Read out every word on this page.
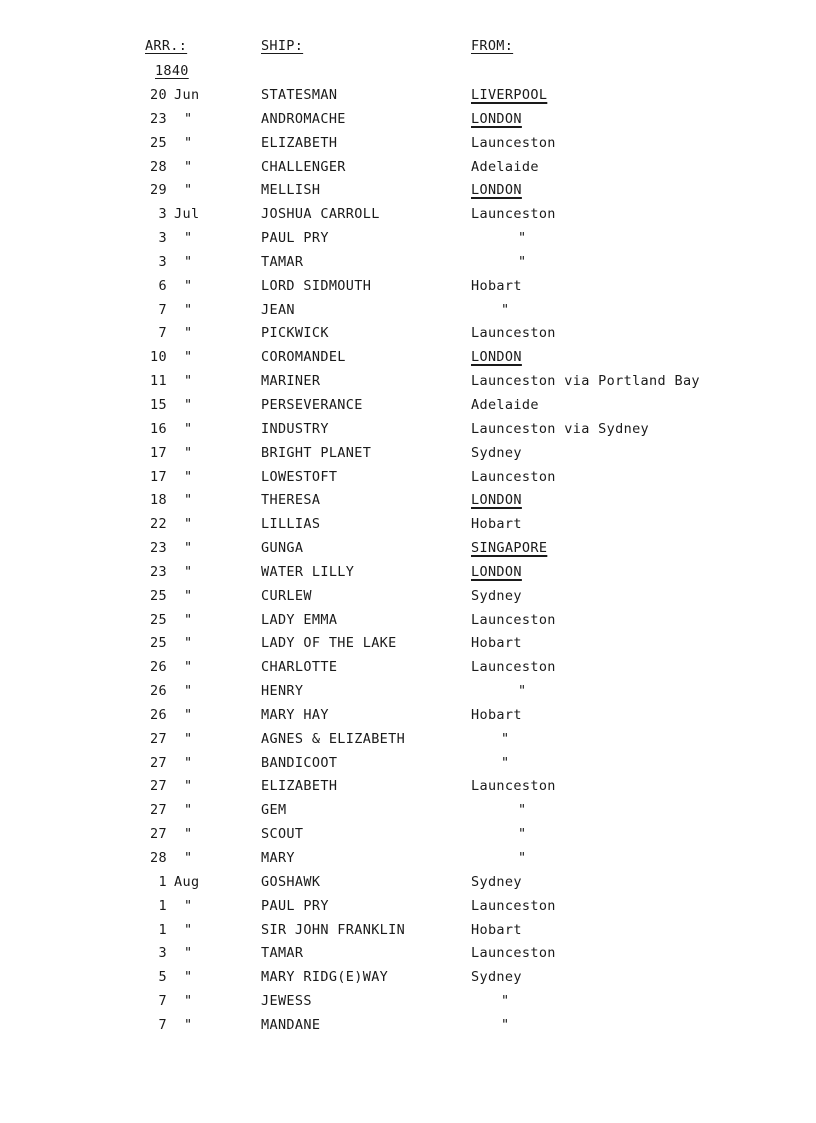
ARR.:	SHIP:	FROM:
1840
20 Jun	STATESMAN	LIVERPOOL
23 "	ANDROMACHE	LONDON
25 "	ELIZABETH	Launceston
28 "	CHALLENGER	Adelaide
29 "	MELLISH	LONDON
3 Jul	JOSHUA CARROLL	Launceston
3 "	PAUL PRY	"
3 "	TAMAR	"
6 "	LORD SIDMOUTH	Hobart
7 "	JEAN	"
7 "	PICKWICK	Launceston
10 "	COROMANDEL	LONDON
11 "	MARINER	Launceston via Portland Bay
15 "	PERSEVERANCE	Adelaide
16 "	INDUSTRY	Launceston via Sydney
17 "	BRIGHT PLANET	Sydney
17 "	LOWESTOFT	Launceston
18 "	THERESA	LONDON
22 "	LILLIAS	Hobart
23 "	GUNGA	SINGAPORE
23 "	WATER LILLY	LONDON
25 "	CURLEW	Sydney
25 "	LADY EMMA	Launceston
25 "	LADY OF THE LAKE	Hobart
26 "	CHARLOTTE	Launceston
26 "	HENRY	"
26 "	MARY HAY	Hobart
27 "	AGNES & ELIZABETH	"
27 "	BANDICOOT	"
27 "	ELIZABETH	Launceston
27 "	GEM	"
27 "	SCOUT	"
28 "	MARY	"
1 Aug	GOSHAWK	Sydney
1 "	PAUL PRY	Launceston
1 "	SIR JOHN FRANKLIN	Hobart
3 "	TAMAR	Launceston
5 "	MARY RIDG(E)WAY	Sydney
7 "	JEWESS	"
7 "	MANDANE	"
